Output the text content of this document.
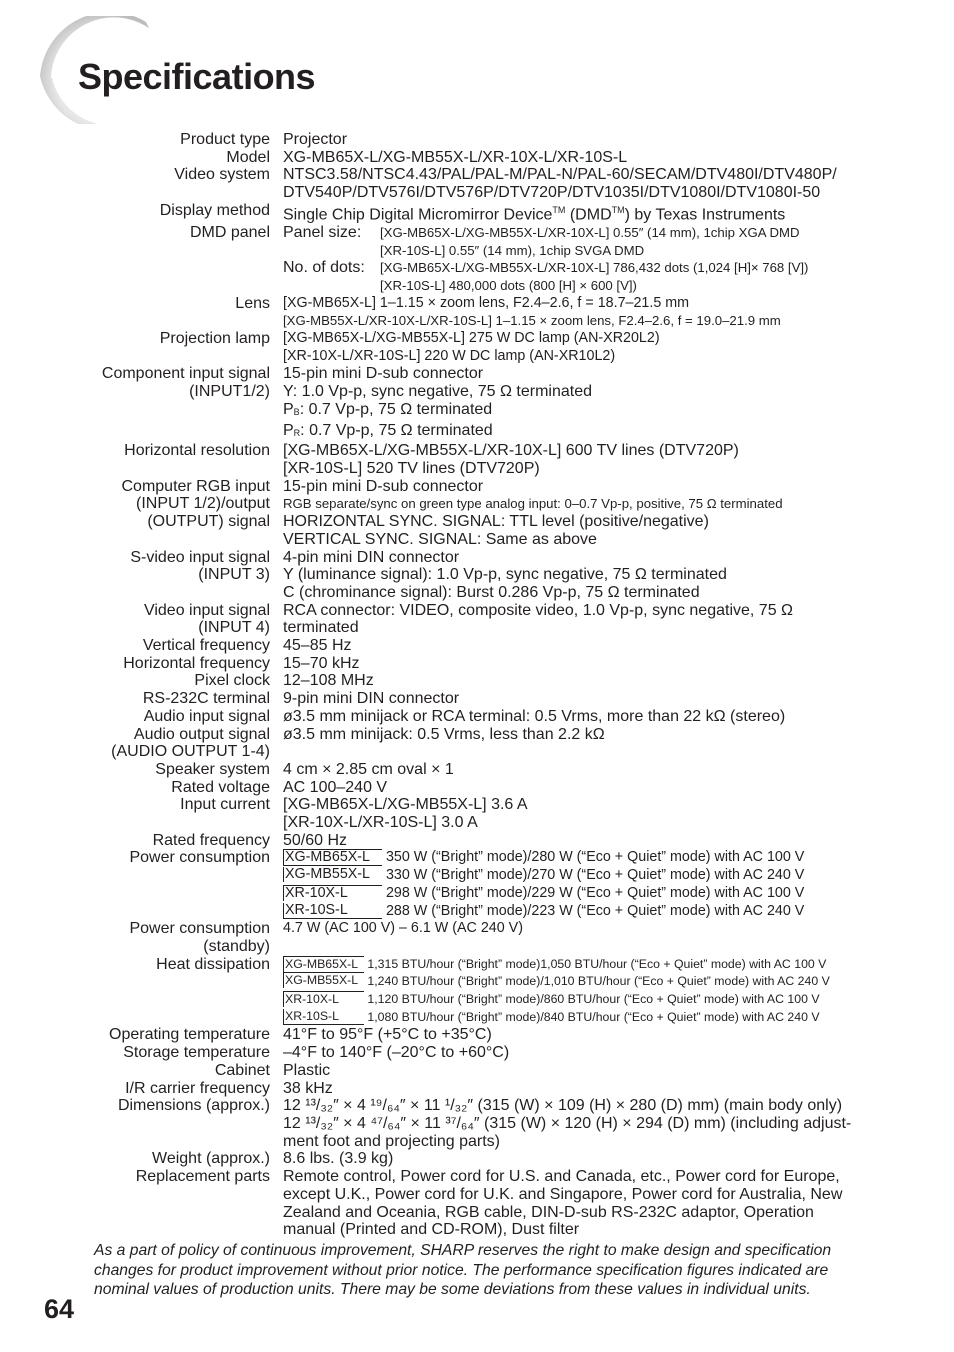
Specifications
Product type Projector
Model XG-MB65X-L/XG-MB55X-L/XR-10X-L/XR-10S-L
Video system NTSC3.58/NTSC4.43/PAL/PAL-M/PAL-N/PAL-60/SECAM/DTV480I/DTV480P/
DTV540P/DTV576I/DTV576P/DTV720P/DTV1035I/DTV1080I/DTV1080I-50
Display method Single Chip Digital Micromirror Device™ (DMD™) by Texas Instruments
DMD panel Panel size: [XG-MB65X-L/XG-MB55X-L/XR-10X-L] 0.55″ (14 mm), 1chip XGA DMD
[XR-10S-L] 0.55″ (14 mm), 1chip SVGA DMD
No. of dots: [XG-MB65X-L/XG-MB55X-L/XR-10X-L] 786,432 dots (1,024 [H]× 768 [V])
[XR-10S-L] 480,000 dots (800 [H] × 600 [V])
Lens [XG-MB65X-L] 1–1.15 × zoom lens, F2.4–2.6, f = 18.7–21.5 mm
[XG-MB55X-L/XR-10X-L/XR-10S-L] 1–1.15 × zoom lens, F2.4–2.6, f = 19.0–21.9 mm
Projection lamp [XG-MB65X-L/XG-MB55X-L] 275 W DC lamp (AN-XR20L2)
[XR-10X-L/XR-10S-L] 220 W DC lamp (AN-XR10L2)
Component input signal
(INPUT1/2)
15-pin mini D-sub connector
Y: 1.0 Vp-p, sync negative, 75 Ω terminated
$P_B$: 0.7 Vp-p, 75 Ω terminated
$P_R$: 0.7 Vp-p, 75 Ω terminated
Horizontal resolution [XG-MB65X-L/XG-MB55X-L/XR-10X-L] 600 TV lines (DTV720P)
[XR-10S-L] 520 TV lines (DTV720P)
Computer RGB input
(INPUT 1/2)/output
(OUTPUT) signal
15-pin mini D-sub connector
RGB separate/sync on green type analog input: 0–0.7 Vp-p, positive, 75 Ω terminated
HORIZONTAL SYNC. SIGNAL: TTL level (positive/negative)
VERTICAL SYNC. SIGNAL: Same as above
S-video input signal
(INPUT 3)
4-pin mini DIN connector
Y (luminance signal): 1.0 Vp-p, sync negative, 75 Ω terminated
C (chrominance signal): Burst 0.286 Vp-p, 75 Ω terminated
Video input signal
(INPUT 4)
RCA connector: VIDEO, composite video, 1.0 Vp-p, sync negative, 75 Ω
terminated
Vertical frequency 45–85 Hz
Horizontal frequency 15–70 kHz
Pixel clock 12–108 MHz
RS-232C terminal 9-pin mini DIN connector
Audio input signal ø3.5 mm minijack or RCA terminal: 0.5 Vrms, more than 22 kΩ (stereo)
Audio output signal
(AUDIO OUTPUT 1-4)
ø3.5 mm minijack: 0.5 Vrms, less than 2.2 kΩ
Speaker system 4 cm × 2.85 cm oval × 1
Rated voltage AC 100–240 V
Input current [XG-MB65X-L/XG-MB55X-L] 3.6 A
[XR-10X-L/XR-10S-L] 3.0 A
Rated frequency 50/60 Hz
Power consumption XG-MB65X-L 350 W (“Bright” mode)/280 W (“Eco + Quiet” mode) with AC 100 V
XG-MB55X-L 330 W (“Bright” mode)/270 W (“Eco + Quiet” mode) with AC 240 V
XR-10X-L	298 W (“Bright” mode)/229 W (“Eco + Quiet” mode) with AC 100 V
XR-10S-L	288 W (“Bright” mode)/223 W (“Eco + Quiet” mode) with AC 240 V
Power consumption
(standby)
4.7 W (AC 100 V) – 6.1 W (AC 240 V)
Heat dissipation XG-MB65X-L 1,315 BTU/hour (“Bright” mode)1,050 BTU/hour (“Eco + Quiet” mode) with AC 100 V
XG-MB55X-L 1,240 BTU/hour (“Bright” mode)/1,010 BTU/hour (“Eco + Quiet” mode) with AC 240 V
XR-10X-L 1,120 BTU/hour (“Bright” mode)/860 BTU/hour (“Eco + Quiet” mode) with AC 100 V
XR-10S-L 1,080 BTU/hour (“Bright” mode)/840 BTU/hour (“Eco + Quiet” mode) with AC 240 V
Operating temperature 41°F to 95°F (+5°C to +35°C)
Storage temperature –4°F to 140°F (–20°C to +60°C)
Cabinet Plastic
I/R carrier frequency 38 kHz
Dimensions (approx.) 12 ¹³/₃₂″ × 4 ¹⁹/₆₄″ × 11 ¹/₃₂″ (315 (W) × 109 (H) × 280 (D) mm) (main body only)
12 ¹³/₃₂″ × 4 ⁴⁷/₆₄″ × 11 ³⁷/₆₄″ (315 (W) × 120 (H) × 294 (D) mm) (including adjust-
ment foot and projecting parts)
Weight (approx.) 8.6 lbs. (3.9 kg)
Replacement parts Remote control, Power cord for U.S. and Canada, etc., Power cord for Europe,
except U.K., Power cord for U.K. and Singapore, Power cord for Australia, New
Zealand and Oceania, RGB cable, DIN-D-sub RS-232C adaptor, Operation
manual (Printed and CD-ROM), Dust filter
As a part of policy of continuous improvement, SHARP reserves the right to make design and specification changes for product improvement without prior notice. The performance specification figures indicated are nominal values of production units. There may be some deviations from these values in individual units.
64
